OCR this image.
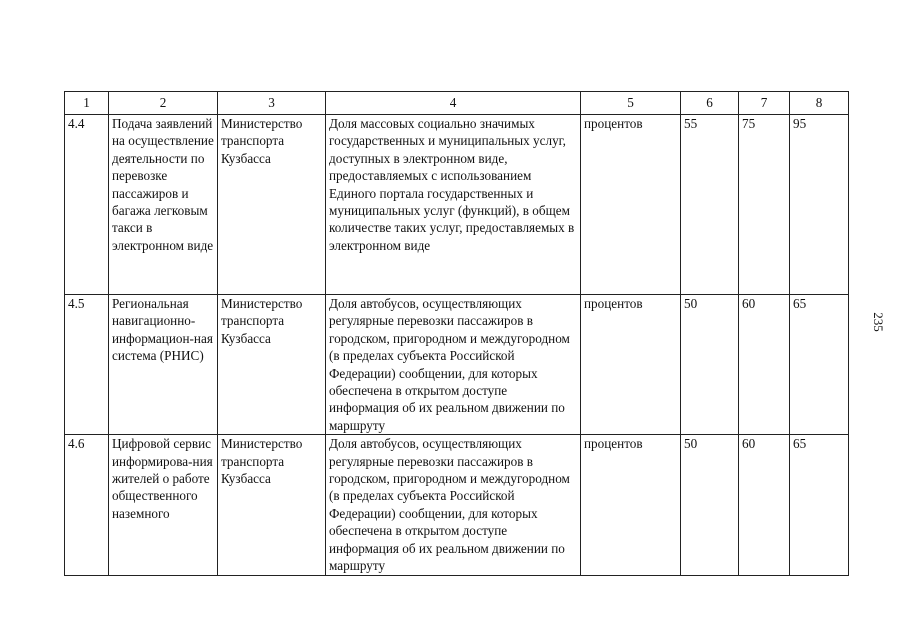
235
1	2	3	4	5	6	7	8
4.4	Подача заявлений на осуществление деятельности по перевозке пассажиров и багажа легковым такси в электронном виде	Министерство транспорта Кузбасса	Доля массовых социально значимых государственных и муниципальных услуг, доступных в электронном виде, предоставляемых с использованием Единого портала государственных и муниципальных услуг (функций), в общем количестве таких услуг, предоставляемых в электронном виде	процентов	55	75	95
4.5	Региональная навигационно-информацион-ная система (РНИС)	Министерство транспорта Кузбасса	Доля автобусов, осуществляющих регулярные перевозки пассажиров в городском, пригородном и междугородном (в пределах субъекта Российской Федерации) сообщении, для которых обеспечена в открытом доступе информация об их реальном движении по маршруту	процентов	50	60	65
4.6	Цифровой сервис информирова-ния жителей о работе общественного наземного	Министерство транспорта Кузбасса	Доля автобусов, осуществляющих регулярные перевозки пассажиров в городском, пригородном и междугородном (в пределах субъекта Российской Федерации) сообщении, для которых обеспечена в открытом доступе информация об их реальном движении по маршруту	процентов	50	60	65
